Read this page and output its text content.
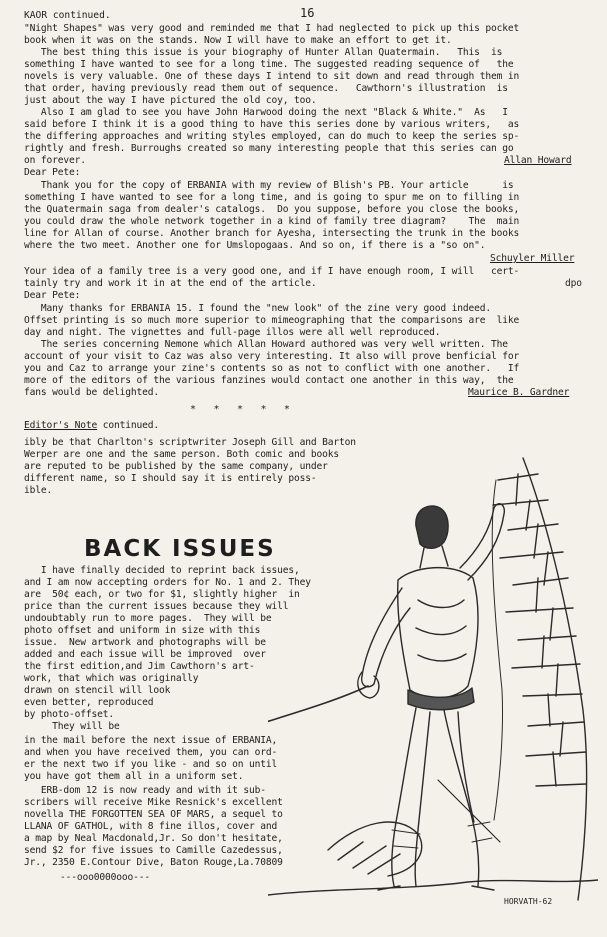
KAOR continued.	16
"Night Shapes" was very good and reminded me that I had neglected to pick up this pocket
book when it was on the stands. Now I will have to make an effort to get it.
The best thing this issue is your biography of Hunter Allan Quatermain.   This  is
something I have wanted to see for a long time. The suggested reading sequence of   the
novels is very valuable. One of these days I intend to sit down and read through them in
that order, having previously read them out of sequence.   Cawthorn's illustration  is
just about the way I have pictured the old coy, too.
Also I am glad to see you have John Harwood doing the next "Black & White."  As   I
said before I think it is a good thing to have this series done by various writers,   as
the differing approaches and writing styles employed, can do much to keep the series sp-
rightly and fresh. Burroughs created so many interesting people that this series can go
on forever.	Allan Howard
Dear Pete:
Thank you for the copy of ERBANIA with my review of Blish's PB. Your article      is
something I have wanted to see for a long time, and is going to spur me on to filling in
the Quatermain saga from dealer's catalogs.  Do you suppose, before you close the books,
you could draw the whole network together in a kind of family tree diagram?    The  main
line for Allan of course. Another branch for Ayesha, intersecting the trunk in the books
where the two meet. Another one for Umslopogaas. And so on, if there is a "so on".
Schuyler Miller
Your idea of a family tree is a very good one, and if I have enough room, I will   cert-
tainly try and work it in at the end of the article.	dpo
Dear Pete:
Many thanks for ERBANIA 15. I found the "new look" of the zine very good indeed.
Offset printing is so much more superior to mimeographing that the comparisons are  like
day and night. The vignettes and full-page illos were all well reproduced.
The series concerning Nemone which Allan Howard authored was very well written. The
account of your visit to Caz was also very interesting. It also will prove benficial for
you and Caz to arrange your zine's contents so as not to conflict with one another.   If
more of the editors of the various fanzines would contact one another in this way,  the
fans would be delighted.	Maurice B. Gardner
*   *   *   *   *
Editor's Note continued.
ibly be that Charlton's scriptwriter Joseph Gill and Barton
Werper are one and the same person. Both comic and books
are reputed to be published by the same company, under
different name, so I should say it is entirely poss-
ible.
BACK ISSUES
I have finally decided to reprint back issues,
and I am now accepting orders for No. 1 and 2. They
are  50¢ each, or two for $1, slightly higher  in
price than the current issues because they will
undoubtably run to more pages.  They will be
photo offset and uniform in size with this
issue.  New artwork and photographs will be
added and each issue will be improved  over
the first edition,and Jim Cawthorn's art-
work, that which was originally
drawn on stencil will look
even better, reproduced
by photo-offset.
They will be
in the mail before the next issue of ERBANIA,
and when you have received them, you can ord-
er the next two if you like - and so on until
you have got them all in a uniform set.
ERB-dom 12 is now ready and with it sub-
scribers will receive Mike Resnick's excellent
novella THE FORGOTTEN SEA OF MARS, a sequel to
LLANA OF GATHOL, with 8 fine illos, cover and
a map by Neal Macdonald,Jr. So don't hesitate,
send $2 for five issues to Camille Cazedessus,
Jr., 2350 E.Contour Dive, Baton Rouge,La.70809
---ooo0000ooo---
HORVATH-62
